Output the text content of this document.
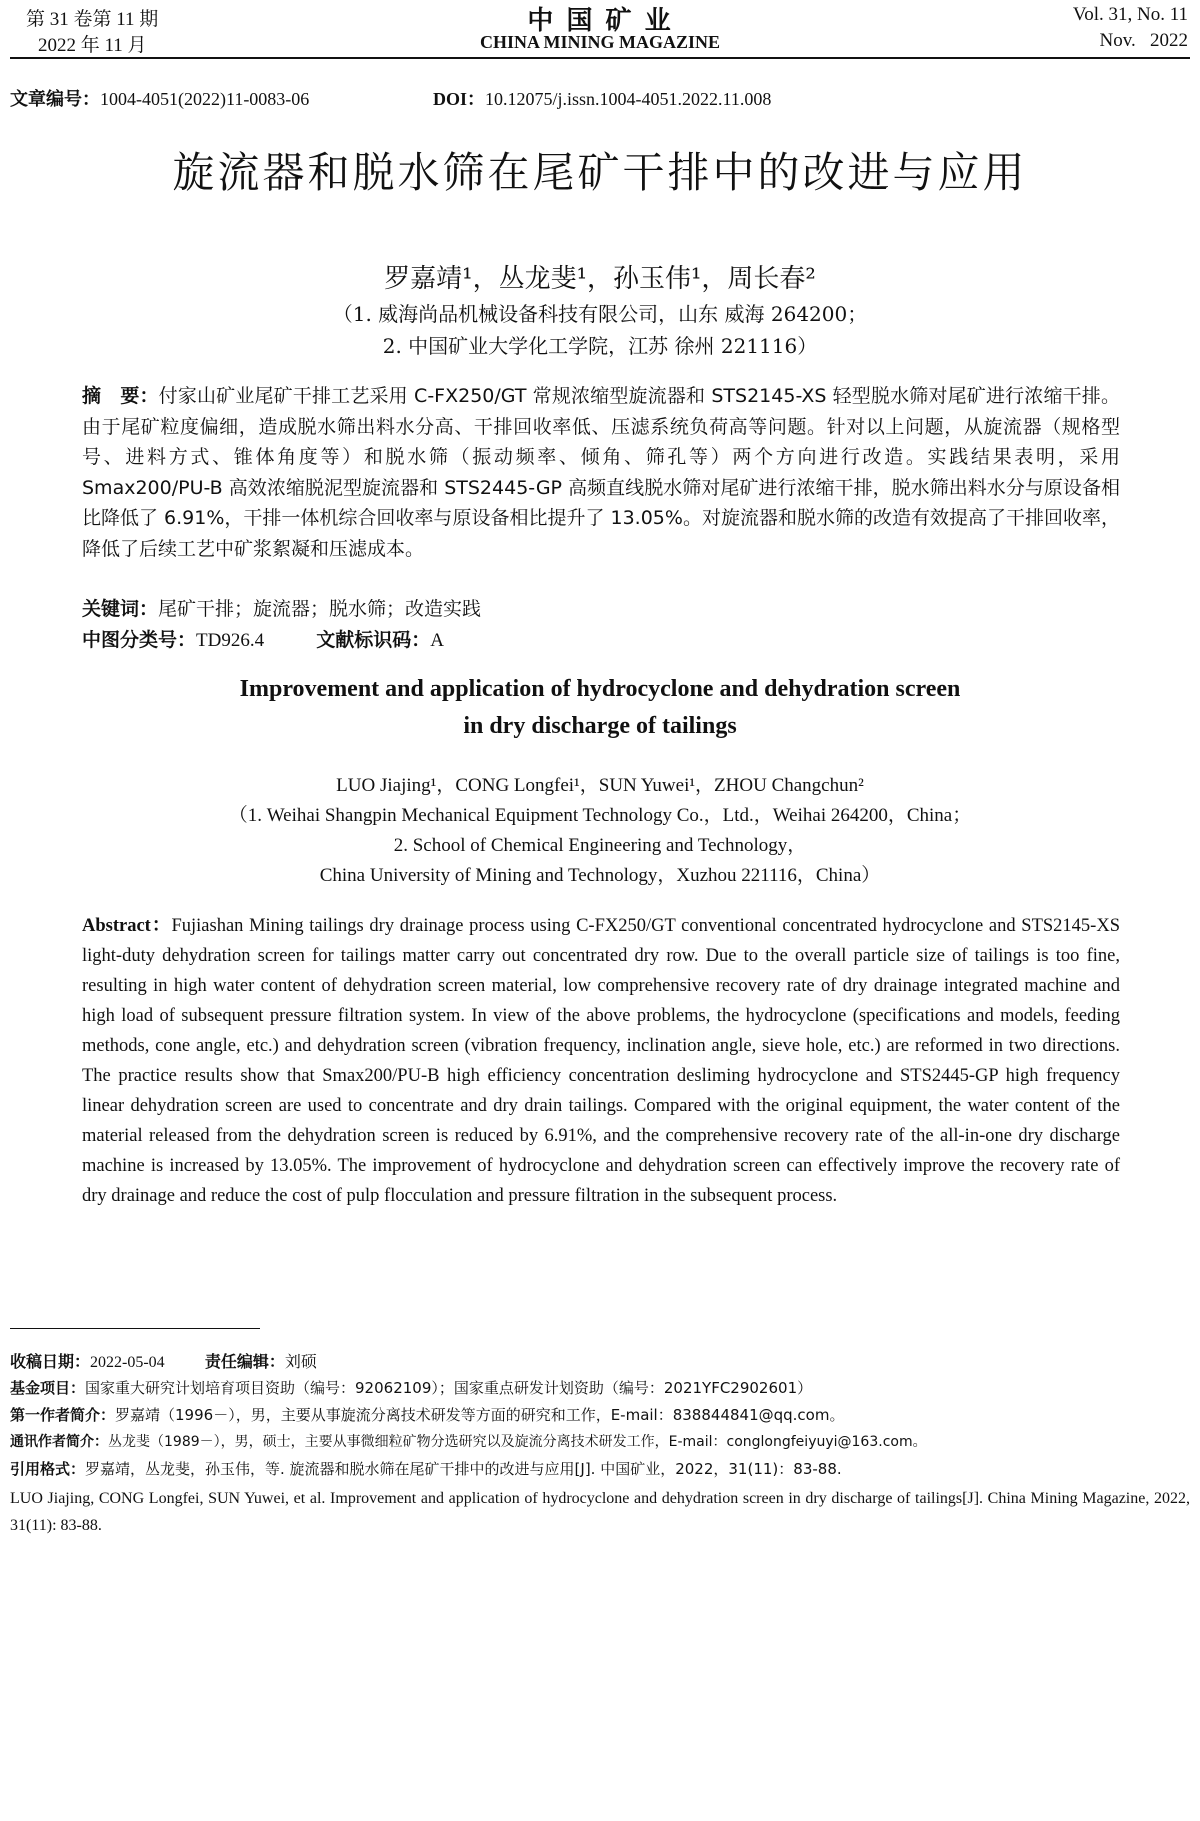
第 31 卷第 11 期
2022 年 11 月
中 国 矿 业
CHINA MINING MAGAZINE
Vol. 31, No. 11
Nov.   2022
文章编号：1004-4051(2022)11-0083-06	DOI：10.12075/j.issn.1004-4051.2022.11.008
旋流器和脱水筛在尾矿干排中的改进与应用
罗嘉靖¹，丛龙斐¹，孙玉伟¹，周长春²
（1. 威海尚品机械设备科技有限公司，山东 威海 264200；
2. 中国矿业大学化工学院，江苏 徐州 221116）
摘　要：付家山矿业尾矿干排工艺采用 C-FX250/GT 常规浓缩型旋流器和 STS2145-XS 轻型脱水筛对尾矿进行浓缩干排。由于尾矿粒度偏细，造成脱水筛出料水分高、干排回收率低、压滤系统负荷高等问题。针对以上问题，从旋流器（规格型号、进料方式、锥体角度等）和脱水筛（振动频率、倾角、筛孔等）两个方向进行改造。实践结果表明，采用 Smax200/PU-B 高效浓缩脱泥型旋流器和 STS2445-GP 高频直线脱水筛对尾矿进行浓缩干排，脱水筛出料水分与原设备相比降低了 6.91%，干排一体机综合回收率与原设备相比提升了 13.05%。对旋流器和脱水筛的改造有效提高了干排回收率，降低了后续工艺中矿浆絮凝和压滤成本。
关键词：尾矿干排；旋流器；脱水筛；改造实践
中图分类号：TD926.4	文献标识码：A
Improvement and application of hydrocyclone and dehydration screen
in dry discharge of tailings
LUO Jiajing¹，CONG Longfei¹，SUN Yuwei¹，ZHOU Changchun²
（1. Weihai Shangpin Mechanical Equipment Technology Co.，Ltd.，Weihai 264200，China；
2. School of Chemical Engineering and Technology，
China University of Mining and Technology，Xuzhou 221116，China）
Abstract：Fujiashan Mining tailings dry drainage process using C-FX250/GT conventional concentrated hydrocyclone and STS2145-XS light-duty dehydration screen for tailings matter carry out concentrated dry row. Due to the overall particle size of tailings is too fine, resulting in high water content of dehydration screen material, low comprehensive recovery rate of dry drainage integrated machine and high load of subsequent pressure filtration system. In view of the above problems, the hydrocyclone (specifications and models, feeding methods, cone angle, etc.) and dehydration screen (vibration frequency, inclination angle, sieve hole, etc.) are reformed in two directions. The practice results show that Smax200/PU-B high efficiency concentration desliming hydrocyclone and STS2445-GP high frequency linear dehydration screen are used to concentrate and dry drain tailings. Compared with the original equipment, the water content of the material released from the dehydration screen is reduced by 6.91%, and the comprehensive recovery rate of the all-in-one dry discharge machine is increased by 13.05%. The improvement of hydrocyclone and dehydration screen can effectively improve the recovery rate of dry drainage and reduce the cost of pulp flocculation and pressure filtration in the subsequent process.
收稿日期：2022-05-04	责任编辑：刘硕
基金项目：国家重大研究计划培育项目资助（编号：92062109）；国家重点研发计划资助（编号：2021YFC2902601）
第一作者简介：罗嘉靖（1996－），男，主要从事旋流分离技术研发等方面的研究和工作，E-mail：838844841@qq.com。
通讯作者简介：丛龙斐（1989－），男，硕士，主要从事微细粒矿物分选研究以及旋流分离技术研发工作，E-mail：conglongfeiyuyi@163.com。
引用格式：罗嘉靖，丛龙斐，孙玉伟，等. 旋流器和脱水筛在尾矿干排中的改进与应用[J]. 中国矿业，2022，31(11)：83-88.
LUO Jiajing, CONG Longfei, SUN Yuwei, et al. Improvement and application of hydrocyclone and dehydration screen in dry discharge of tailings[J]. China Mining Magazine, 2022, 31(11): 83-88.
